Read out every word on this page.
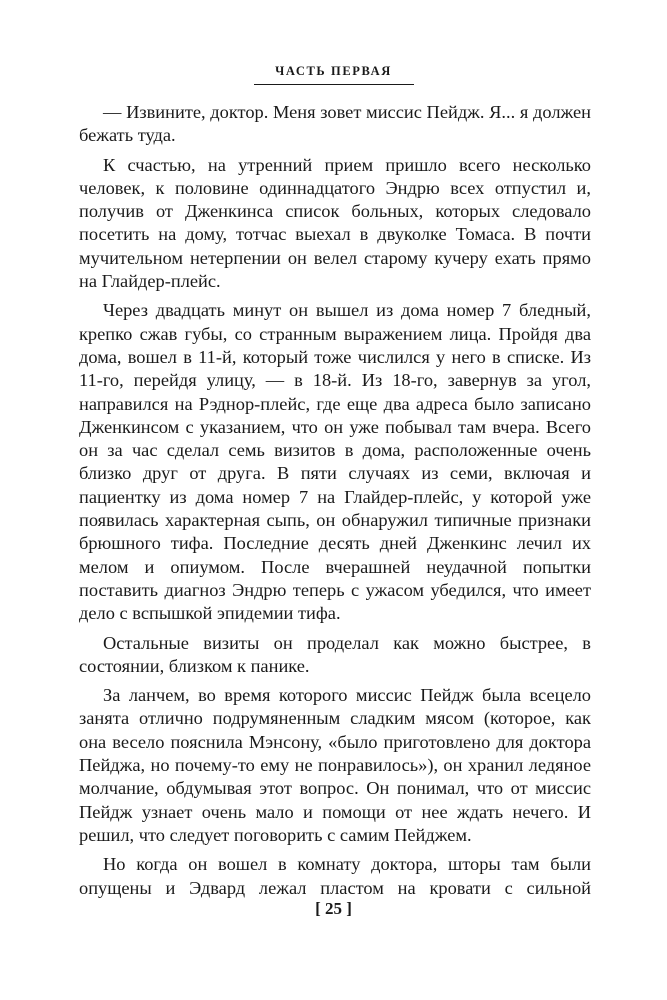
ЧАСТЬ ПЕРВАЯ

— Извините, доктор. Меня зовет миссис Пейдж. Я... я должен бежать туда.

К счастью, на утренний прием пришло всего несколько человек, к половине одиннадцатого Эндрю всех отпустил и, получив от Дженкинса список больных, которых следовало посетить на дому, тотчас выехал в двуколке Томаса. В почти мучительном нетерпении он велел старому кучеру ехать прямо на Глайдер-плейс.

Через двадцать минут он вышел из дома номер 7 бледный, крепко сжав губы, со странным выражением лица. Пройдя два дома, вошел в 11-й, который тоже числился у него в списке. Из 11-го, перейдя улицу, — в 18-й. Из 18-го, завернув за угол, направился на Рэднор-плейс, где еще два адреса было записано Дженкинсом с указанием, что он уже побывал там вчера. Всего он за час сделал семь визитов в дома, расположенные очень близко друг от друга. В пяти случаях из семи, включая и пациентку из дома номер 7 на Глайдер-плейс, у которой уже появилась характерная сыпь, он обнаружил типичные признаки брюшного тифа. Последние десять дней Дженкинс лечил их мелом и опиумом. После вчерашней неудачной попытки поставить диагноз Эндрю теперь с ужасом убедился, что имеет дело с вспышкой эпидемии тифа.

Остальные визиты он проделал как можно быстрее, в состоянии, близком к панике.

За ланчем, во время которого миссис Пейдж была всецело занята отлично подрумяненным сладким мясом (которое, как она весело пояснила Мэнсону, «было приготовлено для доктора Пейджа, но почему-то ему не понравилось»), он хранил ледяное молчание, обдумывая этот вопрос. Он понимал, что от миссис Пейдж узнает очень мало и помощи от нее ждать нечего. И решил, что следует поговорить с самим Пейджем.

Но когда он вошел в комнату доктора, шторы там были опущены и Эдвард лежал пластом на кровати с сильной

[ 25 ]
